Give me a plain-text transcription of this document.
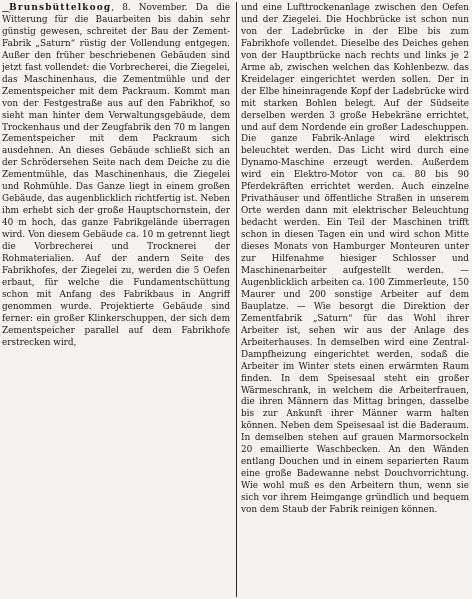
⁔Brunsbüttelkoog, 8. November. Da die Witterung für die Bauarbeiten bis dahin sehr günstig gewesen, schreitet der Bau der Zement-Fabrik „Saturn“ rüstig der Vollendung entgegen. Außer den früher beschriebenen Gebäuden sind jetzt fast vollendet: die Vorbrecherei, die Ziegelei, das Maschinenhaus, die Zementmühle und der Zementspeicher mit dem Packraum. Kommt man von der Festgestraße aus auf den Fabrikhof, so sieht man hinter dem Verwaltungsgebäude, dem Trockenhaus und der Zeugfabrik den 70 m langen Zementspeicher mit dem Packraum sich ausdehnen. An dieses Gebäude schließt sich an der Schrödersehen Seite nach dem Deiche zu die Zementmühle, das Maschinenhaus, die Ziegelei und Rohmühle. Das Ganze liegt in einem großen Gebäude, das augenblicklich richtfertig ist. Neben ihm erhebt sich der große Hauptschornstein, der 40 m hoch, das ganze Fabrikgelände überragen wird. Von diesem Gebäude ca. 10 m getrennt liegt die Vorbrecherei und Trocknerei der Rohmaterialien. Auf der andern Seite des Fabrikhofes, der Ziegelei zu, werden die 5 Oefen erbaut, für welche die Fundamentschüttung schon mit Anfang des Fabrikbaus in Angriff genommen wurde. Projektierte Gebäude sind ferner: ein großer Klinkerschuppen, der sich dem Zementspeicher parallel auf dem Fabrikhofe erstrecken wird,

und eine Lufttrockenanlage zwischen den Oefen und der Ziegelei. Die Hochbrücke ist schon nun von der Ladebrücke in der Elbe bis zum Fabrikhofe vollendet. Dieselbe des Deiches gehen von der Hauptbrücke nach rechts und links je 2 Arme ab, zwischen welchen das Kohlenbezw. das Kreidelager eingerichtet werden sollen. Der in der Elbe hineinragende Kopf der Ladebrücke wird mit starken Bohlen belegt. Auf der Südseite derselben werden 3 große Hebekräne errichtet, und auf dem Nordende ein großer Ladeschuppen. Die ganze Fabrik-Anlage wird elektrisch beleuchtet werden. Das Licht wird durch eine Dynamo-Maschine erzeugt werden. Außerdem wird ein Elektro-Motor von ca. 80 bis 90 Pferdekräften errichtet werden. Auch einzelne Privathäuser und öffentliche Straßen in unserem Orte werden dann mit elektrischer Beleuchtung bedacht werden. Ein Teil der Maschinen trifft schon in diesen Tagen ein und wird schon Mitte dieses Monats von Hamburger Monteuren unter zur Hilfenahme hiesiger Schlosser und Maschinenarbeiter aufgestellt werden. — Augenblicklich arbeiten ca. 100 Zimmerleute, 150 Maurer und 200 sonstige Arbeiter auf dem Bauplatze. — Wie besorgt die Direktion der Zementfabrik „Saturn“ für das Wohl ihrer Arbeiter ist, sehen wir aus der Anlage des Arbeiterhauses. In demselben wird eine Zentral-Dampfheizung eingerichtet werden, sodaß die Arbeiter im Winter stets einen erwärmten Raum finden. In dem Speisesaal steht ein großer Wärmeschrank, in welchem die Arbeiterfrauen, die ihren Männern das Mittag bringen, dasselbe bis zur Ankunft ihrer Männer warm halten können. Neben dem Speisesaal ist die Baderaum. In demselben stehen auf grauen Marmorsockeln 20 emaillierte Waschbecken. An den Wänden entlang Douchen und in einem separierten Raum eine große Badewanne nebst Douchvorrichtung. Wie wohl muß es den Arbeitern thun, wenn sie sich vor ihrem Heimgange gründlich und bequem von dem Staub der Fabrik reinigen können.
